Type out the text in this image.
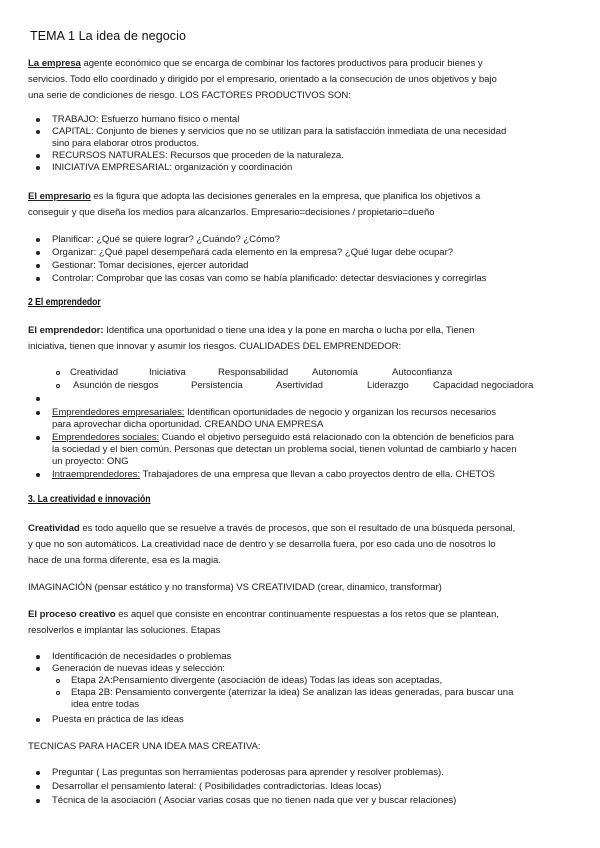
TEMA 1 La idea de negocio
La empresa agente económico que se encarga de combinar los factores productivos para producir bienes y
servicios. Todo ello coordinado y dirigido por el empresario, orientado a la consecución de unos objetivos y bajo
una serie de condiciones de riesgo. LOS FACTORES PRODUCTIVOS SON:
TRABAJO: Esfuerzo humano físico o mental
CAPITAL: Conjunto de bienes y servicios que no se utilizan para la satisfacción inmediata de una necesidad
sino para elaborar otros productos.
RECURSOS NATURALES: Recursos que proceden de la naturaleza.
INICIATIVA EMPRESARIAL: organización y coordinación
El empresario es la figura que adopta las decisiones generales en la empresa, que planifica los objetivos a
conseguir y que diseña los medios para alcanzarlos. Empresario=decisiones / propietario=dueño
Planificar: ¿Qué se quiere lograr? ¿Cuándo? ¿Cómo?
Organizar: ¿Qué papel desempeñará cada elemento en la empresa? ¿Qué lugar debe ocupar?
Gestionar: Tomar decisiones, ejercer autoridad
Controlar: Comprobar que las cosas van como se había planificado: detectar desviaciones y corregirlas
2 El emprendedor
El emprendedor: Identifica una oportunidad o tiene una idea y la pone en marcha o lucha por ella, Tienen
iniciativa, tienen que innovar y asumir los riesgos. CUALIDADES DEL EMPRENDEDOR:
Creatividad	Iniciativa	Responsabilidad Autonomía	Autoconfianza
Asunción de riesgos	Persistencia	Asertividad	Liderazgo	Capacidad negociadora
Emprendedores empresariales: Identifican oportunidades de negocio y organizan los recursos necesarios
para aprovechar dicha oportunidad. CREANDO UNA EMPRESA
Emprendedores sociales: Cuando el objetivo perseguido está relacionado con la obtención de beneficios para
la sociedad y el bien común. Personas que detectan un problema social, tienen voluntad de cambiarlo y hacen
un proyecto: ONG
Intraemprendedores: Trabajadores de una empresa que llevan a cabo proyectos dentro de ella. CHETOS
3. La creatividad e innovación
Creatividad es todo aquello que se resuelve a través de procesos, que son el resultado de una búsqueda personal,
y que no son automáticos. La creatividad nace de dentro y se desarrolla fuera, por eso cada uno de nosotros lo
hace de una forma diferente, esa es la magia.
IMAGINACIÓN (pensar estático y no transforma) VS CREATIVIDAD (crear, dinamico, transformar)
El proceso creativo es aquel que consiste en encontrar continuamente respuestas a los retos que se plantean,
resolverlos e implantar las soluciones. Etapas
Identificación de necesidades o problemas
Generación de nuevas ideas y selección:
Etapa 2A:Pensamiento divergente (asociación de ideas) Todas las ideas son aceptadas,
Etapa 2B: Pensamiento convergente (aterrizar la idea) Se analizan las ideas generadas, para buscar una
idea entre todas
Puesta en práctica de las ideas
TECNICAS PARA HACER UNA IDEA MAS CREATIVA:
Preguntar ( Las preguntas son herramientas poderosas para aprender y resolver problemas).
Desarrollar el pensamiento lateral: ( Posibilidades contradictorias. Ideas locas)
Técnica de la asociación ( Asociar varias cosas que no tienen nada que ver y buscar relaciones)
